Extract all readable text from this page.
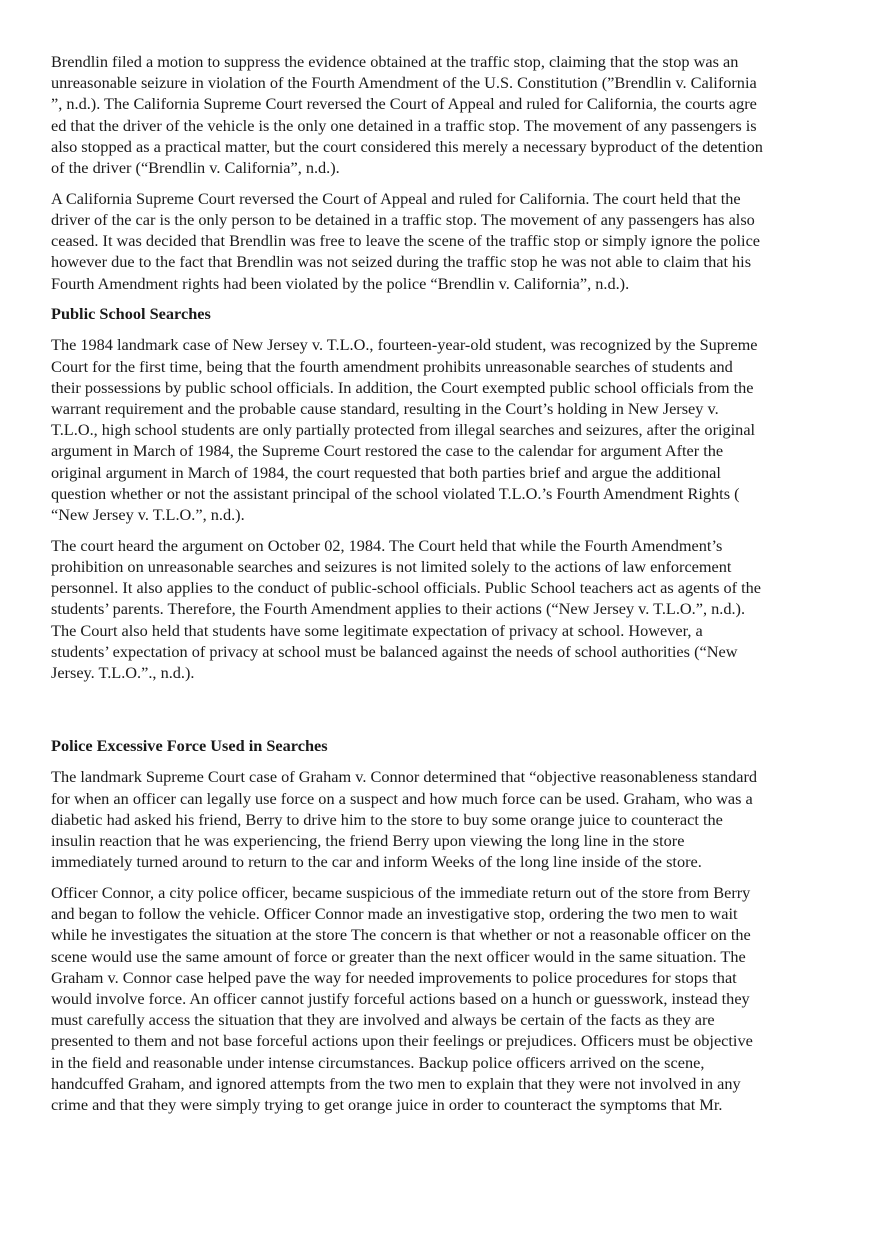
Brendlin filed a motion to suppress the evidence obtained at the traffic stop, claiming that the stop was an
unreasonable seizure in violation of the Fourth Amendment of the U.S. Constitution (”Brendlin v. California
”, n.d.). The California Supreme Court reversed the Court of Appeal and ruled for California, the courts agre
ed that the driver of the vehicle is the only one detained in a traffic stop. The movement of any passengers is
also stopped as a practical matter, but the court considered this merely a necessary byproduct of the detention
of the driver (“Brendlin v. California”, n.d.).

A California Supreme Court reversed the Court of Appeal and ruled for California. The court held that the
driver of the car is the only person to be detained in a traffic stop. The movement of any passengers has also
ceased. It was decided that Brendlin was free to leave the scene of the traffic stop or simply ignore the police
however due to the fact that Brendlin was not seized during the traffic stop he was not able to claim that his
Fourth Amendment rights had been violated by the police “Brendlin v. California”, n.d.).

Public School Searches

The 1984 landmark case of New Jersey v. T.L.O., fourteen-year-old student, was recognized by the Supreme
Court for the first time, being that the fourth amendment prohibits unreasonable searches of students and
their possessions by public school officials. In addition, the Court exempted public school officials from the
warrant requirement and the probable cause standard, resulting in the Court’s holding in New Jersey v.
T.L.O., high school students are only partially protected from illegal searches and seizures, after the original
argument in March of 1984, the Supreme Court restored the case to the calendar for argument After the
original argument in March of 1984, the court requested that both parties brief and argue the additional
question whether or not the assistant principal of the school violated T.L.O.’s Fourth Amendment Rights (
“New Jersey v. T.L.O.”, n.d.).

The court heard the argument on October 02, 1984. The Court held that while the Fourth Amendment’s
prohibition on unreasonable searches and seizures is not limited solely to the actions of law enforcement
personnel. It also applies to the conduct of public-school officials. Public School teachers act as agents of the
students’ parents. Therefore, the Fourth Amendment applies to their actions (“New Jersey v. T.L.O.”, n.d.).
The Court also held that students have some legitimate expectation of privacy at school. However, a
students’ expectation of privacy at school must be balanced against the needs of school authorities (“New
Jersey. T.L.O.”., n.d.).

Police Excessive Force Used in Searches

The landmark Supreme Court case of Graham v. Connor determined that “objective reasonableness standard
for when an officer can legally use force on a suspect and how much force can be used. Graham, who was a
diabetic had asked his friend, Berry to drive him to the store to buy some orange juice to counteract the
insulin reaction that he was experiencing, the friend Berry upon viewing the long line in the store
immediately turned around to return to the car and inform Weeks of the long line inside of the store.

Officer Connor, a city police officer, became suspicious of the immediate return out of the store from Berry
and began to follow the vehicle. Officer Connor made an investigative stop, ordering the two men to wait
while he investigates the situation at the store The concern is that whether or not a reasonable officer on the
scene would use the same amount of force or greater than the next officer would in the same situation. The
Graham v. Connor case helped pave the way for needed improvements to police procedures for stops that
would involve force. An officer cannot justify forceful actions based on a hunch or guesswork, instead they
must carefully access the situation that they are involved and always be certain of the facts as they are
presented to them and not base forceful actions upon their feelings or prejudices. Officers must be objective
in the field and reasonable under intense circumstances. Backup police officers arrived on the scene,
handcuffed Graham, and ignored attempts from the two men to explain that they were not involved in any
crime and that they were simply trying to get orange juice in order to counteract the symptoms that Mr.
